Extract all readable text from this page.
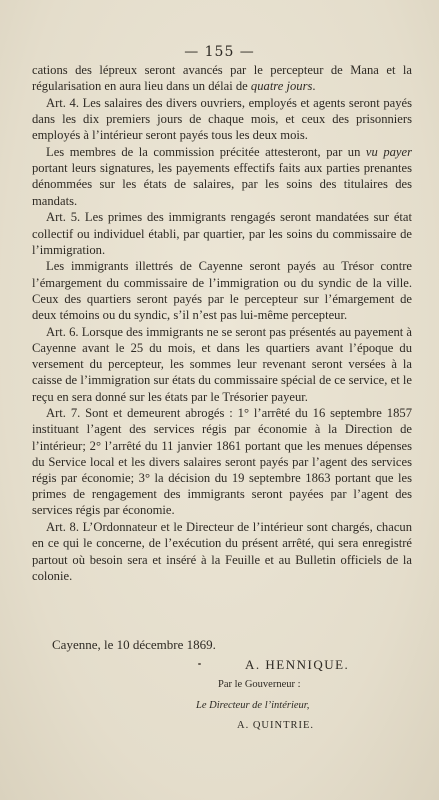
— 155 —

cations des lépreux seront avancés par le percepteur de Mana et la régularisation en aura lieu dans un délai de quatre jours.

Art. 4. Les salaires des divers ouvriers, employés et agents seront payés dans les dix premiers jours de chaque mois, et ceux des prisonniers employés à l’intérieur seront payés tous les deux mois.

Les membres de la commission précitée attesteront, par un vu payer portant leurs signatures, les payements effectifs faits aux parties prenantes dénommées sur les états de salaires, par les soins des titulaires des mandats.

Art. 5. Les primes des immigrants rengagés seront mandatées sur état collectif ou individuel établi, par quartier, par les soins du commissaire de l’immigration.

Les immigrants illettrés de Cayenne seront payés au Trésor contre l’émargement du commissaire de l’immigration ou du syndic de la ville. Ceux des quartiers seront payés par le percepteur sur l’émargement de deux témoins ou du syndic, s’il n’est pas lui-même percepteur.

Art. 6. Lorsque des immigrants ne se seront pas présentés au payement à Cayenne avant le 25 du mois, et dans les quartiers avant l’époque du versement du percepteur, les sommes leur revenant seront versées à la caisse de l’immigration sur états du commissaire spécial de ce service, et le reçu en sera donné sur les états par le Trésorier payeur.

Art. 7. Sont et demeurent abrogés : 1° l’arrêté du 16 septembre 1857 instituant l’agent des services régis par économie à la Direction de l’intérieur; 2° l’arrêté du 11 janvier 1861 portant que les menues dépenses du Service local et les divers salaires seront payés par l’agent des services régis par économie; 3° la décision du 19 septembre 1863 portant que les primes de rengagement des immigrants seront payées par l’agent des services régis par économie.

Art. 8. L’Ordonnateur et le Directeur de l’intérieur sont chargés, chacun en ce qui le concerne, de l’exécution du présent arrêté, qui sera enregistré partout où besoin sera et inséré à la Feuille et au Bulletin officiels de la colonie.

Cayenne, le 10 décembre 1869.
A. HENNIQUE.
Par le Gouverneur :
Le Directeur de l’intérieur,
A. QUINTRIE.
